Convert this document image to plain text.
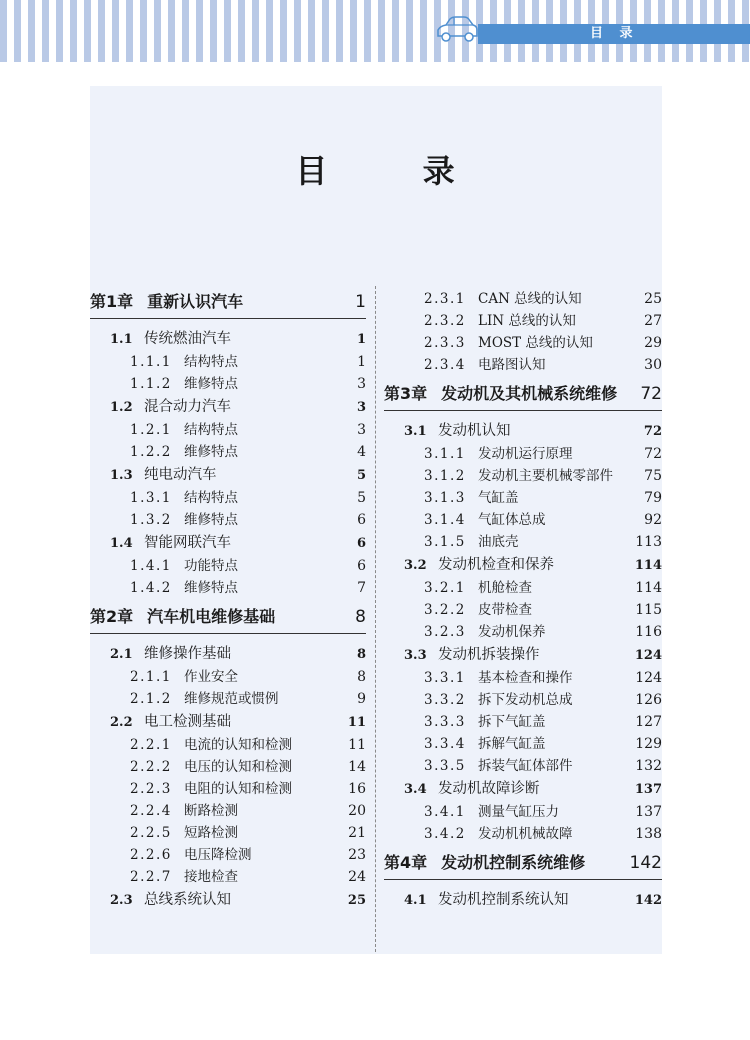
目 录
目 录
第1章 重新认识汽车	1
1.1 传统燃油汽车	1
1.1.1 结构特点	1
1.1.2 维修特点	3
1.2 混合动力汽车	3
1.2.1 结构特点	3
1.2.2 维修特点	4
1.3 纯电动汽车	5
1.3.1 结构特点	5
1.3.2 维修特点	6
1.4 智能网联汽车	6
1.4.1 功能特点	6
1.4.2 维修特点	7
第2章 汽车机电维修基础	8
2.1 维修操作基础	8
2.1.1 作业安全	8
2.1.2 维修规范或惯例	9
2.2 电工检测基础	11
2.2.1 电流的认知和检测	11
2.2.2 电压的认知和检测	14
2.2.3 电阻的认知和检测	16
2.2.4 断路检测	20
2.2.5 短路检测	21
2.2.6 电压降检测	23
2.2.7 接地检查	24
2.3 总线系统认知	25
2.3.1 CAN 总线的认知	25
2.3.2 LIN 总线的认知	27
2.3.3 MOST 总线的认知	29
2.3.4 电路图认知	30
第3章 发动机及其机械系统维修	72
3.1 发动机认知	72
3.1.1 发动机运行原理	72
3.1.2 发动机主要机械零部件	75
3.1.3 气缸盖	79
3.1.4 气缸体总成	92
3.1.5 油底壳	113
3.2 发动机检查和保养	114
3.2.1 机舱检查	114
3.2.2 皮带检查	115
3.2.3 发动机保养	116
3.3 发动机拆装操作	124
3.3.1 基本检查和操作	124
3.3.2 拆下发动机总成	126
3.3.3 拆下气缸盖	127
3.3.4 拆解气缸盖	129
3.3.5 拆装气缸体部件	132
3.4 发动机故障诊断	137
3.4.1 测量气缸压力	137
3.4.2 发动机机械故障	138
第4章 发动机控制系统维修	142
4.1 发动机控制系统认知	142
